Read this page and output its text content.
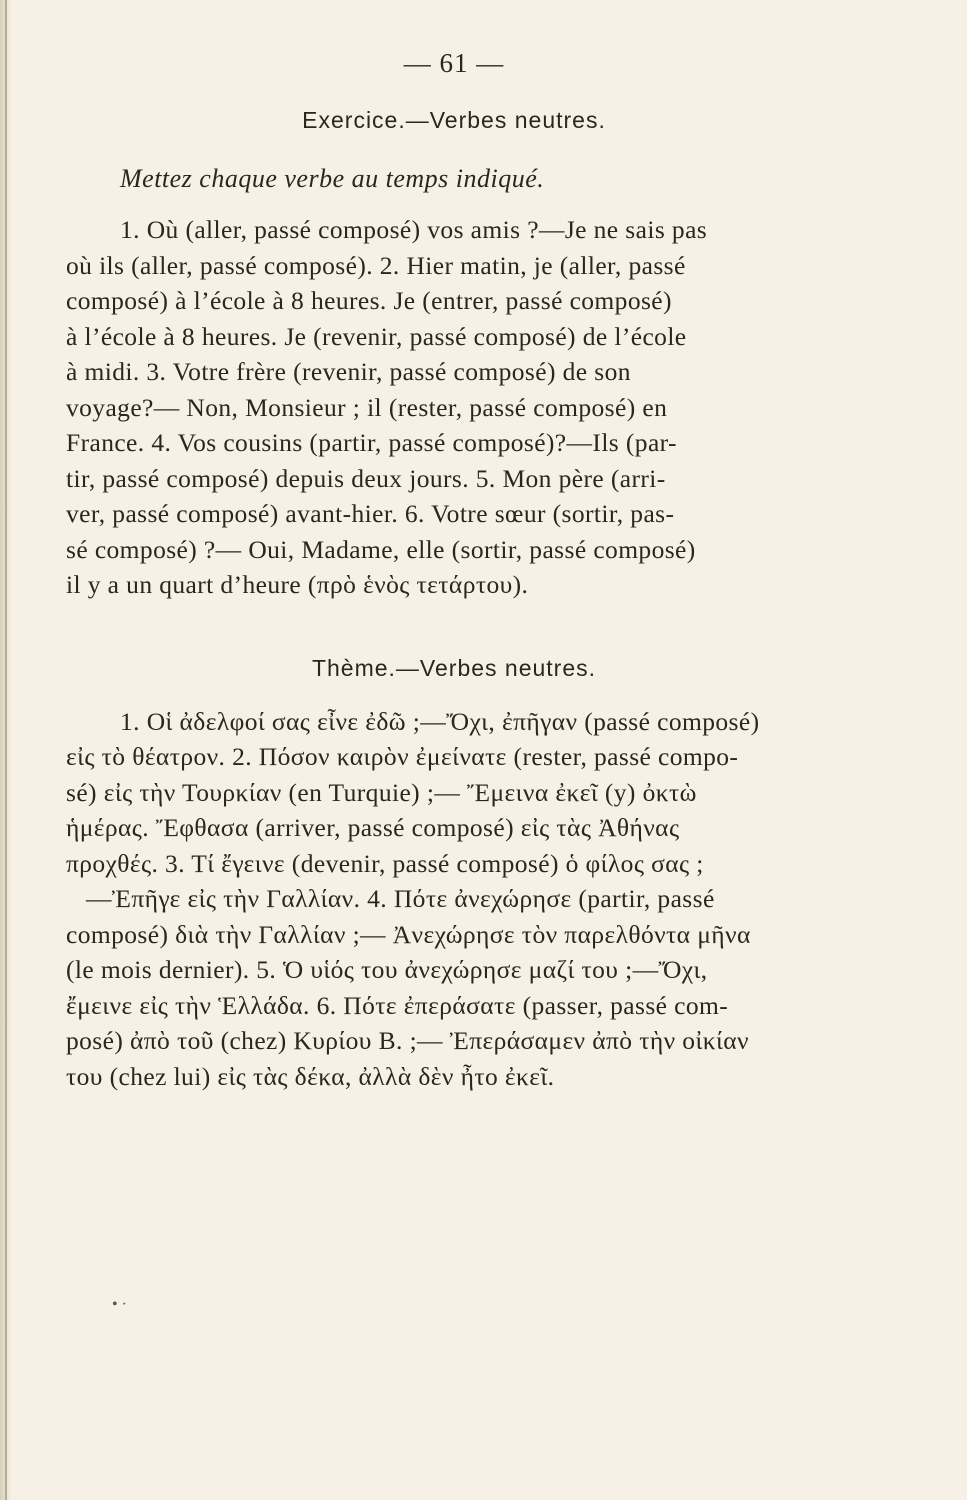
— 61 —
Exercice.—Verbes neutres.
Mettez chaque verbe au temps indiqué.
1. Où (aller, passé composé) vos amis ?—Je ne sais pas
où ils (aller, passé composé). 2. Hier matin, je (aller, passé
composé) à l’école à 8 heures. Je (entrer, passé composé)
à l’école à 8 heures. Je (revenir, passé composé) de l’école
à midi. 3. Votre frère (revenir, passé composé) de son
voyage?— Non, Monsieur ; il (rester, passé composé) en
France. 4. Vos cousins (partir, passé composé)?—Ils (par-
tir, passé composé) depuis deux jours. 5. Mon père (arri-
ver, passé composé) avant-hier. 6. Votre sœur (sortir, pas-
sé composé) ?— Oui, Madame, elle (sortir, passé composé)
il y a un quart d’heure (πρὸ ἑνὸς τετάρτου).
Thème.—Verbes neutres.
1. Οἱ ἀδελφοί σας εἶνε ἐδῶ ;—Ὄχι, ἐπῆγαν (passé composé)
εἰς τὸ θέατρον. 2. Πόσον καιρὸν ἐμείνατε (rester, passé compo-
sé) εἰς τὴν Τουρκίαν (en Turquie) ;— Ἔμεινα ἐκεῖ (y) ὀκτὼ
ἡμέρας. Ἔφθασα (arriver, passé composé) εἰς τὰς Ἀθήνας
προχθές. 3. Τί ἔγεινε (devenir, passé composé) ὁ φίλος σας ;
—Ἐπῆγε εἰς τὴν Γαλλίαν. 4. Πότε ἀνεχώρησε (partir, passé
composé) διὰ τὴν Γαλλίαν ;— Ἀνεχώρησε τὸν παρελθόντα μῆνα
(le mois dernier). 5. Ὁ υἱός του ἀνεχώρησε μαζί του ;—Ὄχι,
ἔμεινε εἰς τὴν Ἑλλάδα. 6. Πότε ἐπεράσατε (passer, passé com-
posé) ἀπὸ τοῦ (chez) Κυρίου Β. ;— Ἐπεράσαμεν ἀπὸ τὴν οἰκίαν
του (chez lui) εἰς τὰς δέκα, ἀλλὰ δὲν ἦτο ἐκεῖ.
• ·
